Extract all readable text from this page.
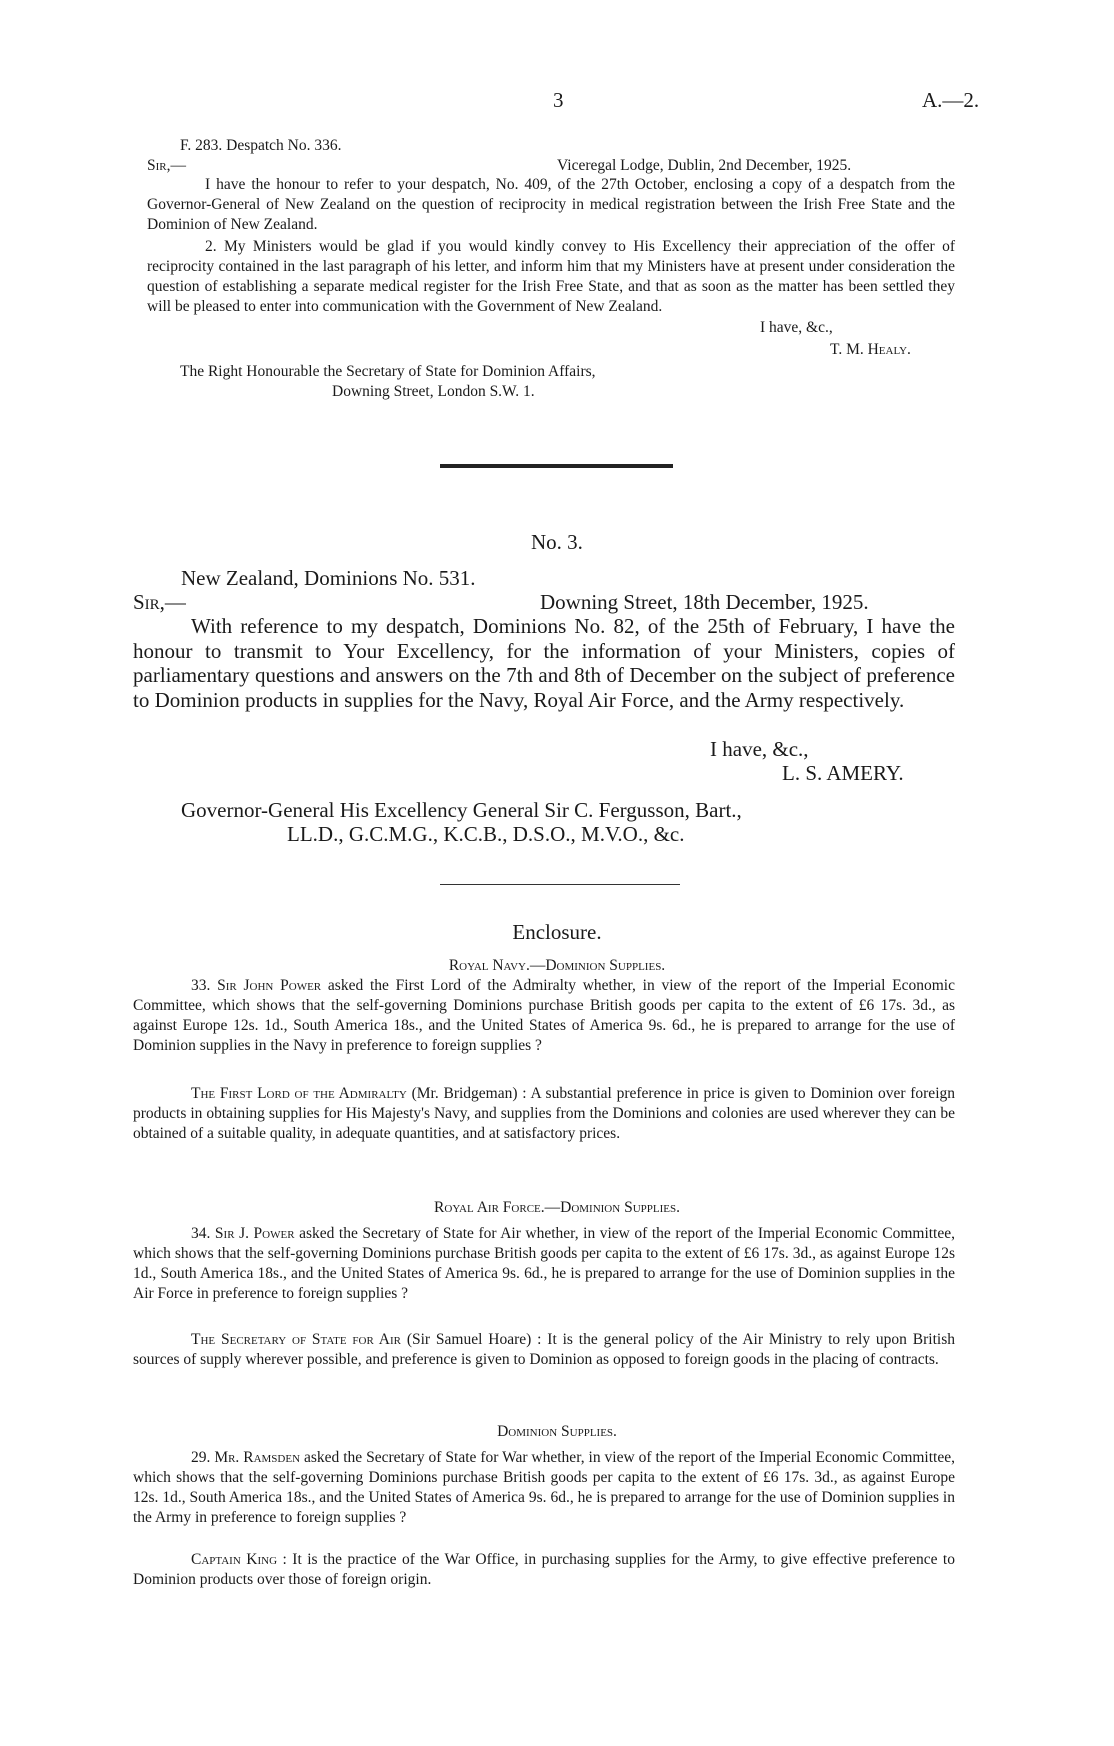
3	A.—2.
F. 283. Despatch No. 336.
Sir,—	Viceregal Lodge, Dublin, 2nd December, 1925.

I have the honour to refer to your despatch, No. 409, of the 27th October, enclosing a copy of a despatch from the Governor-General of New Zealand on the question of reciprocity in medical registration between the Irish Free State and the Dominion of New Zealand.

2. My Ministers would be glad if you would kindly convey to His Excellency their appreciation of the offer of reciprocity contained in the last paragraph of his letter, and inform him that my Ministers have at present under consideration the question of establishing a separate medical register for the Irish Free State, and that as soon as the matter has been settled they will be pleased to enter into communication with the Government of New Zealand.

I have, &c.,
T. M. Healy.
The Right Honourable the Secretary of State for Dominion Affairs,
Downing Street, London S.W. 1.
No. 3.
New Zealand, Dominions No. 531.
Sir,—	Downing Street, 18th December, 1925.

With reference to my despatch, Dominions No. 82, of the 25th of February, I have the honour to transmit to Your Excellency, for the information of your Ministers, copies of parliamentary questions and answers on the 7th and 8th of December on the subject of preference to Dominion products in supplies for the Navy, Royal Air Force, and the Army respectively.

I have, &c.,
L. S. AMERY.
Governor-General His Excellency General Sir C. Fergusson, Bart.,
LL.D., G.C.M.G., K.C.B., D.S.O., M.V.O., &c.
Enclosure.
Royal Navy.—Dominion Supplies.

33. Sir John Power asked the First Lord of the Admiralty whether, in view of the report of the Imperial Economic Committee, which shows that the self-governing Dominions purchase British goods per capita to the extent of £6 17s. 3d., as against Europe 12s. 1d., South America 18s., and the United States of America 9s. 6d., he is prepared to arrange for the use of Dominion supplies in the Navy in preference to foreign supplies ?

The First Lord of the Admiralty (Mr. Bridgeman) : A substantial preference in price is given to Dominion over foreign products in obtaining supplies for His Majesty's Navy, and supplies from the Dominions and colonies are used wherever they can be obtained of a suitable quality, in adequate quantities, and at satisfactory prices.

Royal Air Force.—Dominion Supplies.

34. Sir J. Power asked the Secretary of State for Air whether, in view of the report of the Imperial Economic Committee, which shows that the self-governing Dominions purchase British goods per capita to the extent of £6 17s. 3d., as against Europe 12s 1d., South America 18s., and the United States of America 9s. 6d., he is prepared to arrange for the use of Dominion supplies in the Air Force in preference to foreign supplies ?

The Secretary of State for Air (Sir Samuel Hoare) : It is the general policy of the Air Ministry to rely upon British sources of supply wherever possible, and preference is given to Dominion as opposed to foreign goods in the placing of contracts.

Dominion Supplies.

29. Mr. Ramsden asked the Secretary of State for War whether, in view of the report of the Imperial Economic Committee, which shows that the self-governing Dominions purchase British goods per capita to the extent of £6 17s. 3d., as against Europe 12s. 1d., South America 18s., and the United States of America 9s. 6d., he is prepared to arrange for the use of Dominion supplies in the Army in preference to foreign supplies ?

Captain King : It is the practice of the War Office, in purchasing supplies for the Army, to give effective preference to Dominion products over those of foreign origin.
